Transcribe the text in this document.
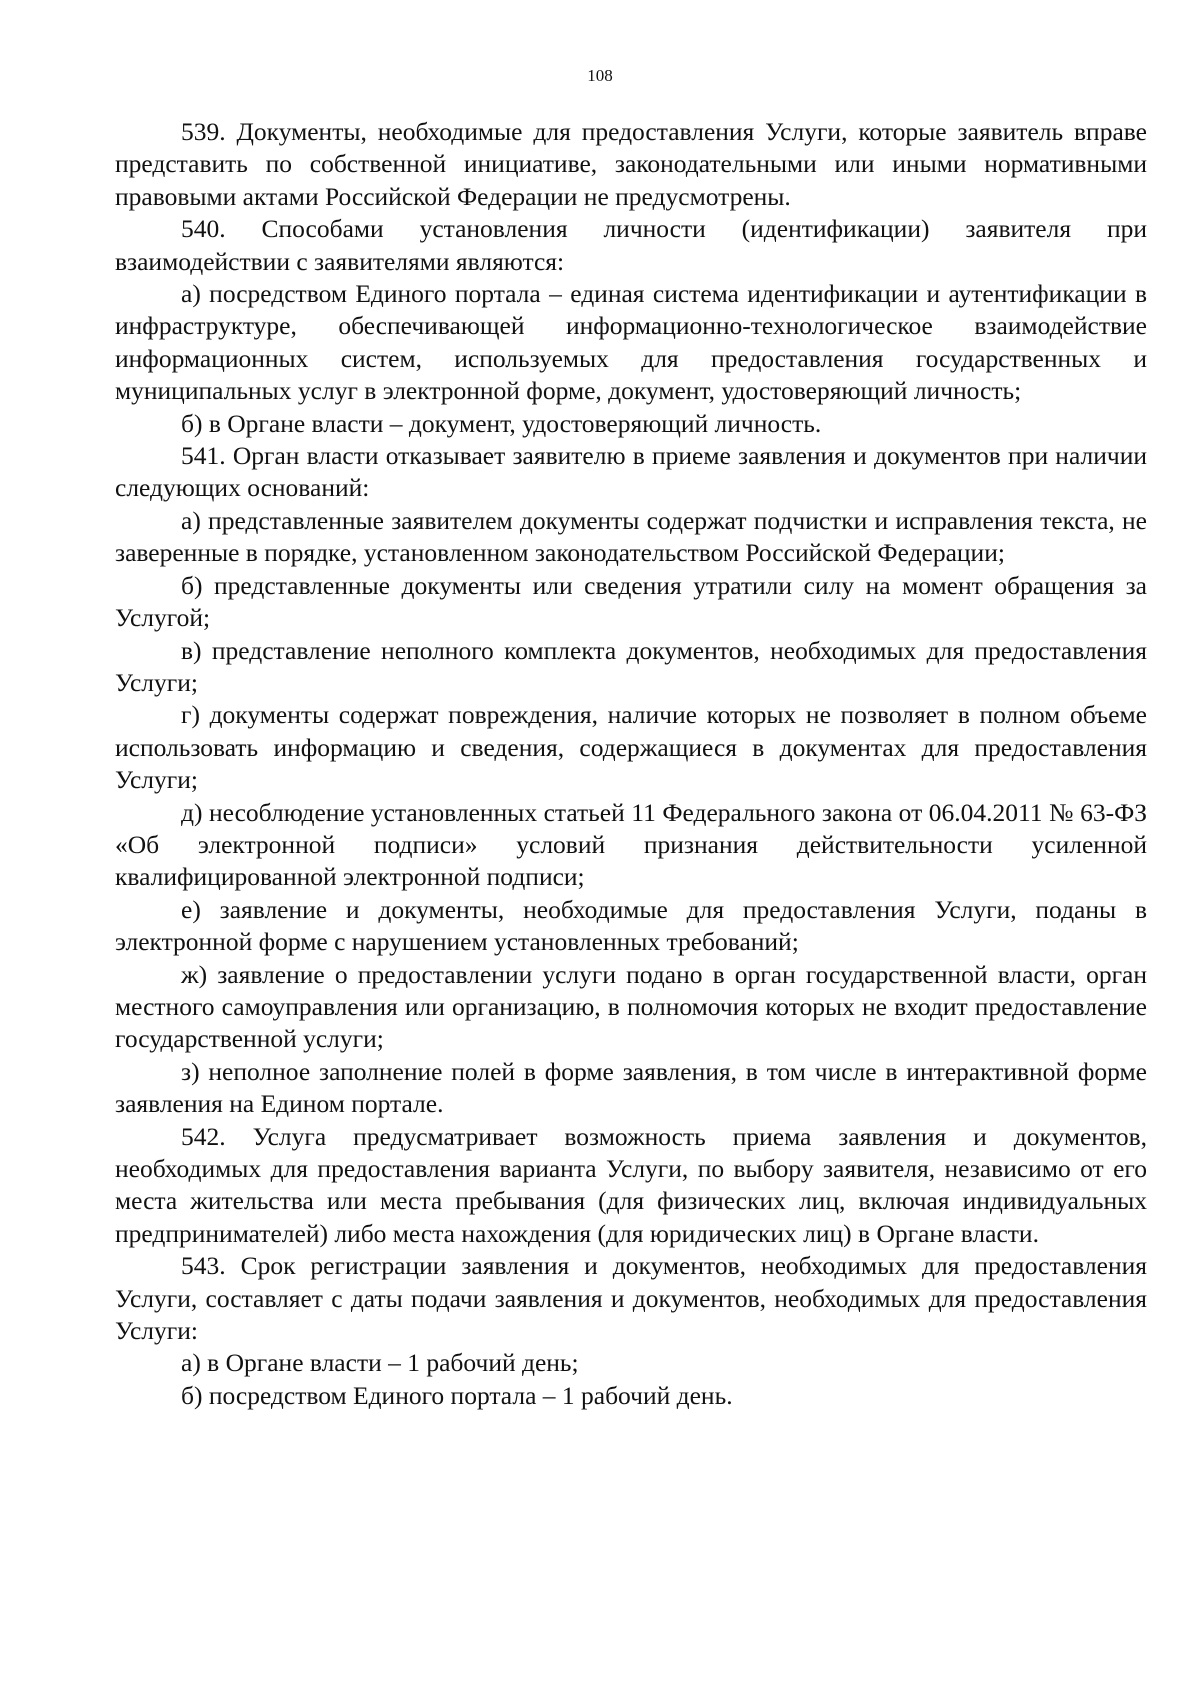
108

539. Документы, необходимые для предоставления Услуги, которые заявитель вправе представить по собственной инициативе, законодательными или иными нормативными правовыми актами Российской Федерации не предусмотрены.

540. Способами установления личности (идентификации) заявителя при взаимодействии с заявителями являются:

а) посредством Единого портала – единая система идентификации и аутентификации в инфраструктуре, обеспечивающей информационно-технологическое взаимодействие информационных систем, используемых для предоставления государственных и муниципальных услуг в электронной форме, документ, удостоверяющий личность;

б) в Органе власти – документ, удостоверяющий личность.

541. Орган власти отказывает заявителю в приеме заявления и документов при наличии следующих оснований:

а) представленные заявителем документы содержат подчистки и исправления текста, не заверенные в порядке, установленном законодательством Российской Федерации;

б) представленные документы или сведения утратили силу на момент обращения за Услугой;

в) представление неполного комплекта документов, необходимых для предоставления Услуги;

г) документы содержат повреждения, наличие которых не позволяет в полном объеме использовать информацию и сведения, содержащиеся в документах для предоставления Услуги;

д) несоблюдение установленных статьей 11 Федерального закона от 06.04.2011 № 63-ФЗ «Об электронной подписи» условий признания действительности усиленной квалифицированной электронной подписи;

е) заявление и документы, необходимые для предоставления Услуги, поданы в электронной форме с нарушением установленных требований;

ж) заявление о предоставлении услуги подано в орган государственной власти, орган местного самоуправления или организацию, в полномочия которых не входит предоставление государственной услуги;

з) неполное заполнение полей в форме заявления, в том числе в интерактивной форме заявления на Едином портале.

542. Услуга предусматривает возможность приема заявления и документов, необходимых для предоставления варианта Услуги, по выбору заявителя, независимо от его места жительства или места пребывания (для физических лиц, включая индивидуальных предпринимателей) либо места нахождения (для юридических лиц) в Органе власти.

543. Срок регистрации заявления и документов, необходимых для предоставления Услуги, составляет с даты подачи заявления и документов, необходимых для предоставления Услуги:

а) в Органе власти – 1 рабочий день;

б) посредством Единого портала – 1 рабочий день.
